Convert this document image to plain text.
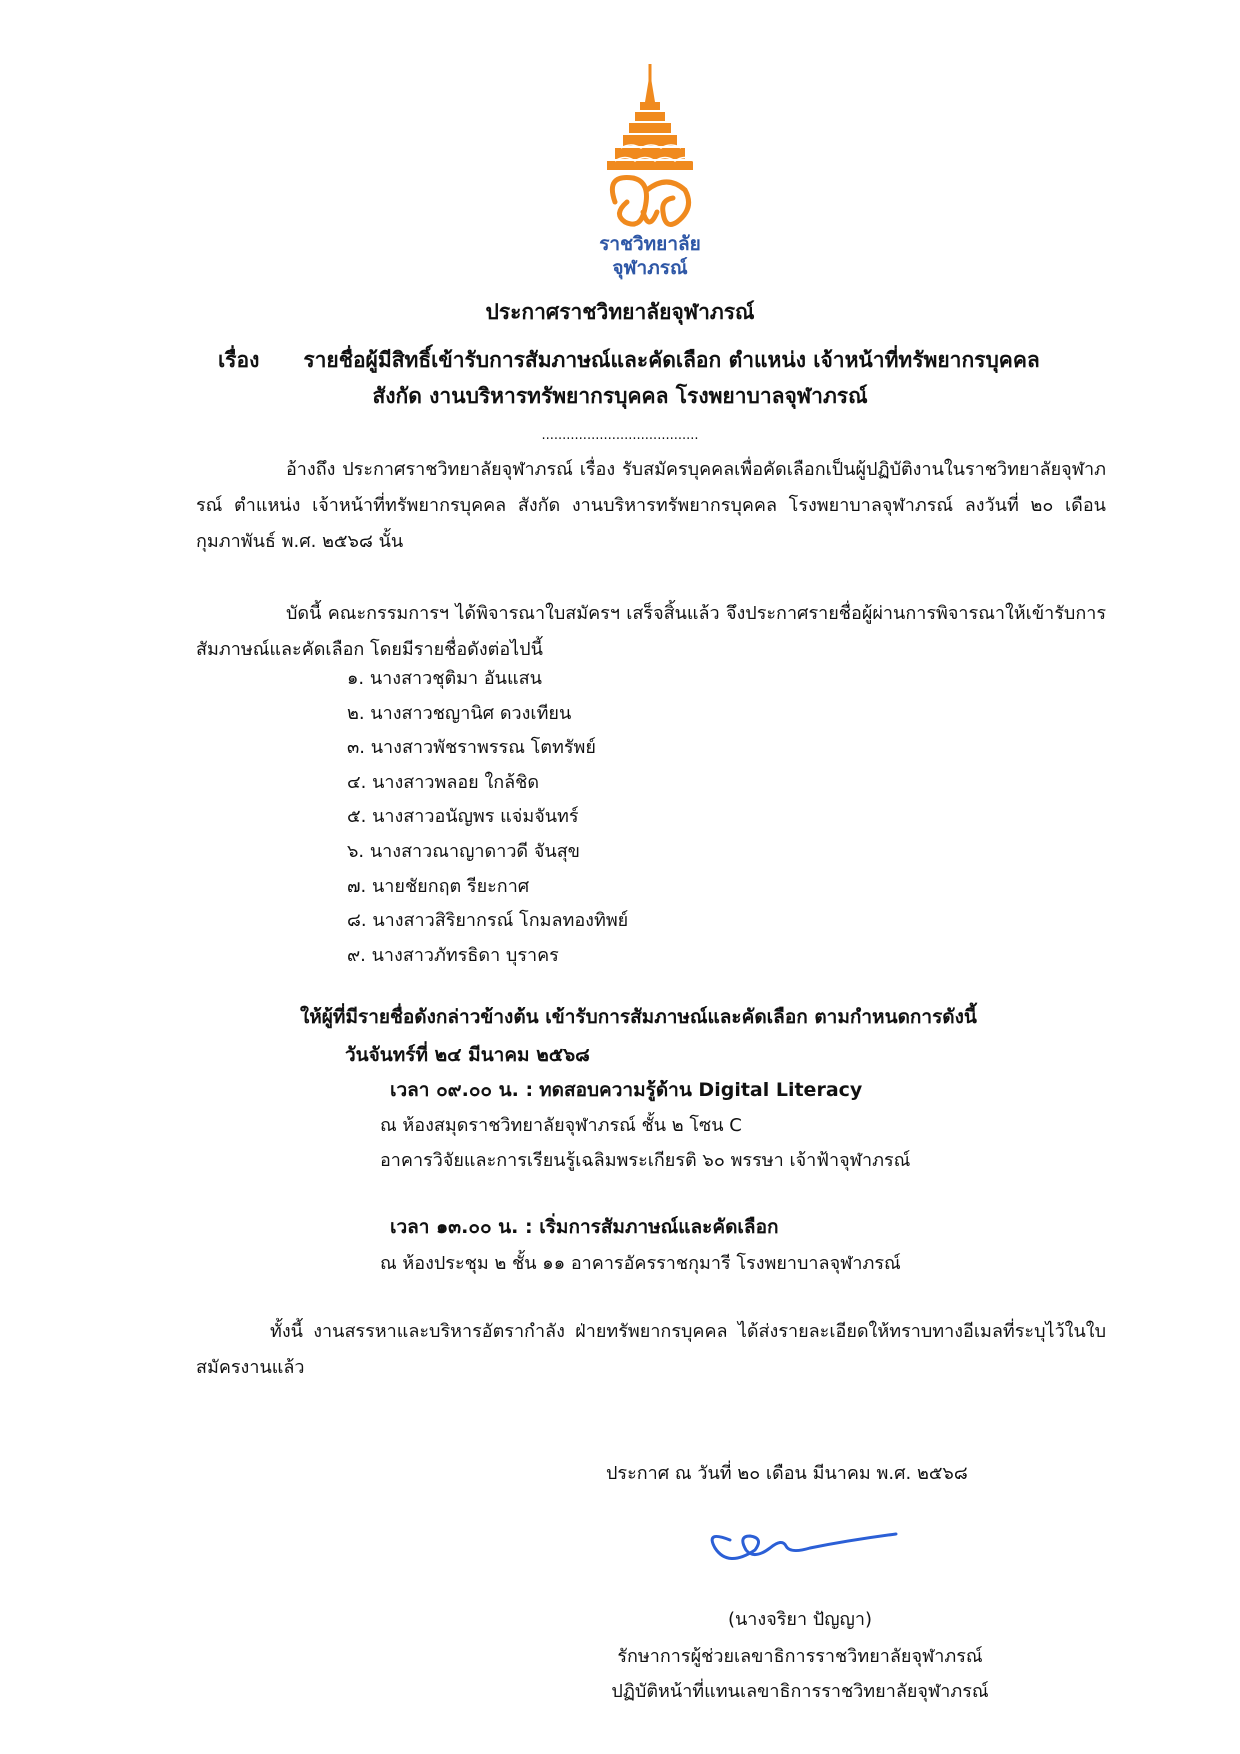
ราชวิทยาลัย
จุฬาภรณ์
ประกาศราชวิทยาลัยจุฬาภรณ์
เรื่อง รายชื่อผู้มีสิทธิ์เข้ารับการสัมภาษณ์และคัดเลือก ตำแหน่ง เจ้าหน้าที่ทรัพยากรบุคคล
สังกัด งานบริหารทรัพยากรบุคคล โรงพยาบาลจุฬาภรณ์
......................................
อ้างถึง ประกาศราชวิทยาลัยจุฬาภรณ์ เรื่อง รับสมัครบุคคลเพื่อคัดเลือกเป็นผู้ปฏิบัติงานในราชวิทยาลัยจุฬาภรณ์ ตำแหน่ง เจ้าหน้าที่ทรัพยากรบุคคล สังกัด งานบริหารทรัพยากรบุคคล โรงพยาบาลจุฬาภรณ์ ลงวันที่ ๒๐ เดือน กุมภาพันธ์ พ.ศ. ๒๕๖๘ นั้น
บัดนี้ คณะกรรมการฯ ได้พิจารณาใบสมัครฯ เสร็จสิ้นแล้ว จึงประกาศรายชื่อผู้ผ่านการพิจารณาให้เข้ารับการสัมภาษณ์และคัดเลือก โดยมีรายชื่อดังต่อไปนี้
๑. นางสาวชุติมา อันแสน
๒. นางสาวชญานิศ ดวงเทียน
๓. นางสาวพัชราพรรณ โตทรัพย์
๔. นางสาวพลอย ใกล้ชิด
๕. นางสาวอนัญพร แจ่มจันทร์
๖. นางสาวณาญาดาวดี จันสุข
๗. นายชัยกฤต รียะกาศ
๘. นางสาวสิริยากรณ์ โกมลทองทิพย์
๙. นางสาวภัทรธิดา บุราคร
ให้ผู้ที่มีรายชื่อดังกล่าวข้างต้น เข้ารับการสัมภาษณ์และคัดเลือก ตามกำหนดการดังนี้
วันจันทร์ที่ ๒๔ มีนาคม ๒๕๖๘
เวลา ๐๙.๐๐ น. : ทดสอบความรู้ด้าน Digital Literacy
ณ ห้องสมุดราชวิทยาลัยจุฬาภรณ์ ชั้น ๒ โซน C
อาคารวิจัยและการเรียนรู้เฉลิมพระเกียรติ ๖๐ พรรษา เจ้าฟ้าจุฬาภรณ์
เวลา ๑๓.๐๐ น. : เริ่มการสัมภาษณ์และคัดเลือก
ณ ห้องประชุม ๒ ชั้น ๑๑ อาคารอัครราชกุมารี โรงพยาบาลจุฬาภรณ์
ทั้งนี้ งานสรรหาและบริหารอัตรากำลัง ฝ่ายทรัพยากรบุคคล ได้ส่งรายละเอียดให้ทราบทางอีเมลที่ระบุไว้ในใบสมัครงานแล้ว
ประกาศ ณ วันที่ ๒๐ เดือน มีนาคม พ.ศ. ๒๕๖๘
(นางจริยา ปัญญา)
รักษาการผู้ช่วยเลขาธิการราชวิทยาลัยจุฬาภรณ์
ปฏิบัติหน้าที่แทนเลขาธิการราชวิทยาลัยจุฬาภรณ์
